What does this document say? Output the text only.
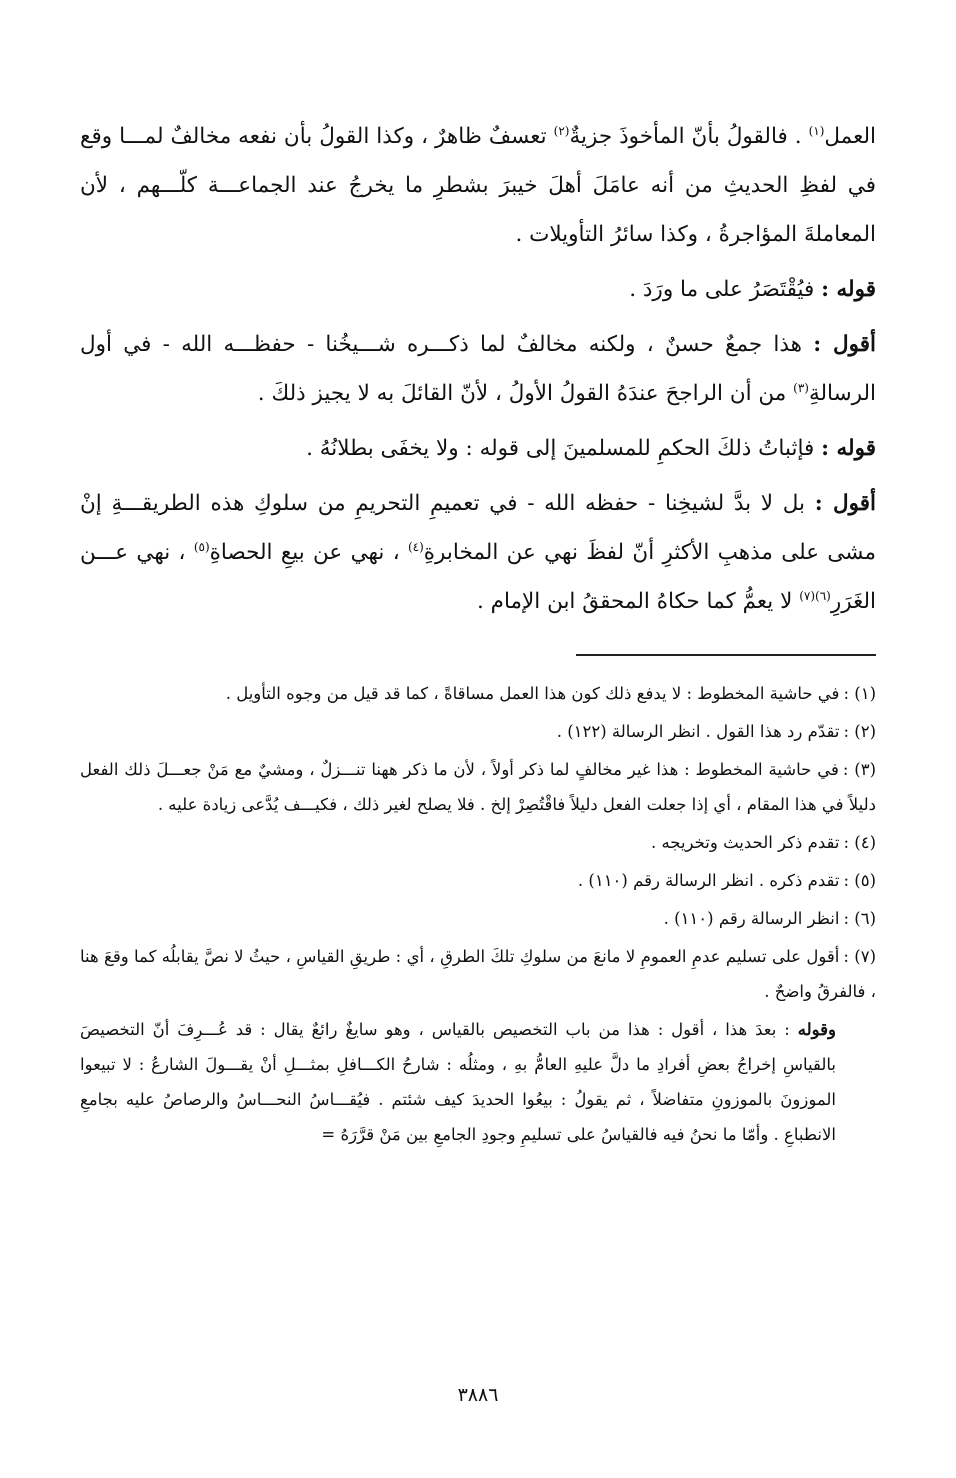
العمل$^{(١)}$ . فالقولُ بأنّ المأخوذَ جزيةٌ$^{(٢)}$ تعسفٌ ظاهرٌ ، وكذا القولُ بأن نفعه مخالفٌ لمـــا وقع في لفظِ الحديثِ من أنه عامَلَ أهلَ خيبرَ بشطرِ ما يخرجُ عند الجماعـــة كلّـــهم ، لأن المعاملةَ المؤاجرةُ ، وكذا سائرُ التأويلات .

قوله : فيُقْتَصَرُ على ما ورَدَ .

أقول : هذا جمعٌ حسنٌ ، ولكنه مخالفٌ لما ذكـــره شـــيخُنا - حفظـــه الله - في أول الرسالةِ$^{(٣)}$ من أن الراجحَ عندَهُ القولُ الأولُ ، لأنّ القائلَ به لا يجيز ذلكَ .

قوله : فإثباتُ ذلكَ الحكمِ للمسلمينَ إلى قوله : ولا يخفَى بطلانُهُ .

أقول : بل لا بدَّ لشيخِنا - حفظه الله - في تعميمِ التحريمِ من سلوكِ هذه الطريقـــةِ إنْ مشى على مذهبِ الأكثرِ أنّ لفظَ نهي عن المخابرةِ$^{(٤)}$ ، نهي عن بيعِ الحصاةِ$^{(٥)}$ ، نهي عـــن الغَرَرِ$^{(٦)(٧)}$ لا يعمُّ كما حكاهُ المحققُ ابن الإمام .

(١) :في حاشية المخطوط : لا يدفع ذلك كون هذا العمل مساقاةً ، كما قد قيل من وجوه التأويل .

(٢) :تقدّم رد هذا القول . انظر الرسالة (١٢٢) .

(٣) :في حاشية المخطوط : هذا غير مخالفٍ لما ذكر أولاً ، لأن ما ذكر ههنا تنـــزلٌ ، ومشيٌ مع مَنْ جعـــلَ ذلك الفعل دليلاً في هذا المقام ، أي إذا جعلت الفعل دليلاً فاقْتُصِرْ إلخ . فلا يصلح لغير ذلك ، فكيـــف يُدَّعى زيادة عليه .

(٤) :تقدم ذكر الحديث وتخريجه .

(٥) :تقدم ذكره . انظر الرسالة رقم (١١٠) .

(٦) :انظر الرسالة رقم (١١٠) .

(٧) :أقول على تسليم عدمِ العمومِ لا مانعَ من سلوكِ تلكَ الطرقِ ، أي : طريقِ القياسِ ، حيثُ لا نصَّ يقابلُه كما وقعَ هنا ، فالفرقُ واضحٌ .

وقوله : بعدَ هذا ، أقول : هذا من باب التخصيص بالقياس ، وهو سايغٌ رائعٌ يقال : قد عُـــرِفَ أنّ التخصيصَ بالقياسِ إخراجُ بعضِ أفرادِ ما دلَّ عليهِ العامُّ بهِ ، ومثلُه : شارحُ الكـــافلِ بمثـــلِ أنْ يقـــولَ الشارعُ : لا تبيعوا الموزونَ بالموزونِ متفاضلاً ، ثم يقولُ : بيعُوا الحديدَ كيف شئتم . فيُقـــاسُ النحـــاسُ والرصاصُ عليه بجامعِ الانطباعِ . وأمّا ما نحنُ فيه فالقياسُ على تسليمِ وجودِ الجامعِ بين مَنْ قرَّرَهُ =

٣٨٨٦
